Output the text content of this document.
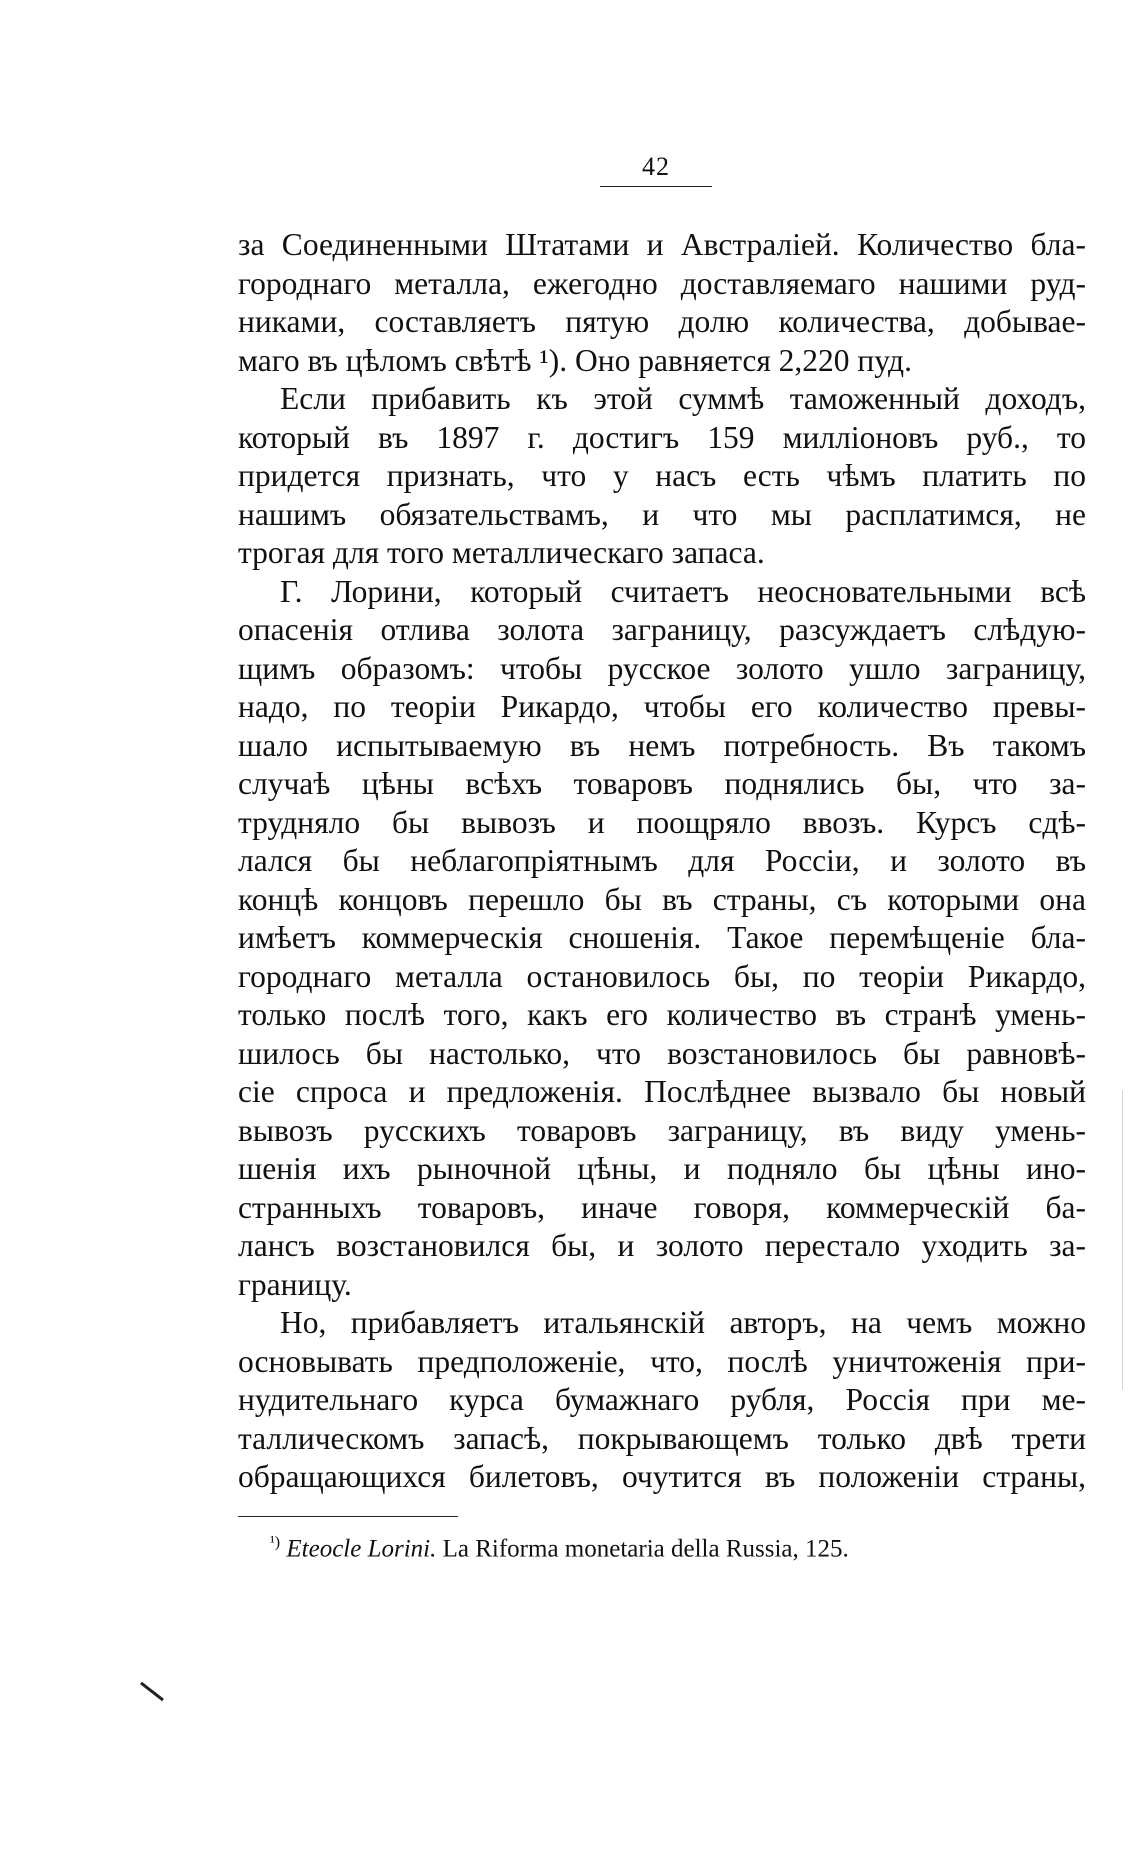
42
за Соединенными Штатами и Австраліей. Количество бла-
городнаго металла, ежегодно доставляемаго нашими руд-
никами, составляетъ пятую долю количества, добывае-
маго въ цѣломъ свѣтѣ ¹). Оно равняется 2,220 пуд.
Если прибавить къ этой суммѣ таможенный доходъ,
который въ 1897 г. достигъ 159 милліоновъ руб., то
придется признать, что у насъ есть чѣмъ платить по
нашимъ обязательствамъ, и что мы расплатимся, не
трогая для того металлическаго запаса.
Г. Лорини, который считаетъ неосновательными всѣ
опасенія отлива золота заграницу, разсуждаетъ слѣдую-
щимъ образомъ: чтобы русское золото ушло заграницу,
надо, по теоріи Рикардо, чтобы его количество превы-
шало испытываемую въ немъ потребность. Въ такомъ
случаѣ цѣны всѣхъ товаровъ поднялись бы, что за-
трудняло бы вывозъ и поощряло ввозъ. Курсъ сдѣ-
лался бы неблагопріятнымъ для Россіи, и золото въ
концѣ концовъ перешло бы въ страны, съ которыми она
имѣетъ коммерческія сношенія. Такое перемѣщеніе бла-
городнаго металла остановилось бы, по теоріи Рикардо,
только послѣ того, какъ его количество въ странѣ умень-
шилось бы настолько, что возстановилось бы равновѣ-
сіе спроса и предложенія. Послѣднее вызвало бы новый
вывозъ русскихъ товаровъ заграницу, въ виду умень-
шенія ихъ рыночной цѣны, и подняло бы цѣны ино-
странныхъ товаровъ, иначе говоря, коммерческій ба-
лансъ возстановился бы, и золото перестало уходить за-
границу.
Но, прибавляетъ итальянскій авторъ, на чемъ можно
основывать предположеніе, что, послѣ уничтоженія при-
нудительнаго курса бумажнаго рубля, Россія при ме-
таллическомъ запасѣ, покрывающемъ только двѣ трети
обращающихся билетовъ, очутится въ положеніи страны,
$^{^1)}$ Eteocle Lorini. La Riforma monetaria della Russia, 125.
